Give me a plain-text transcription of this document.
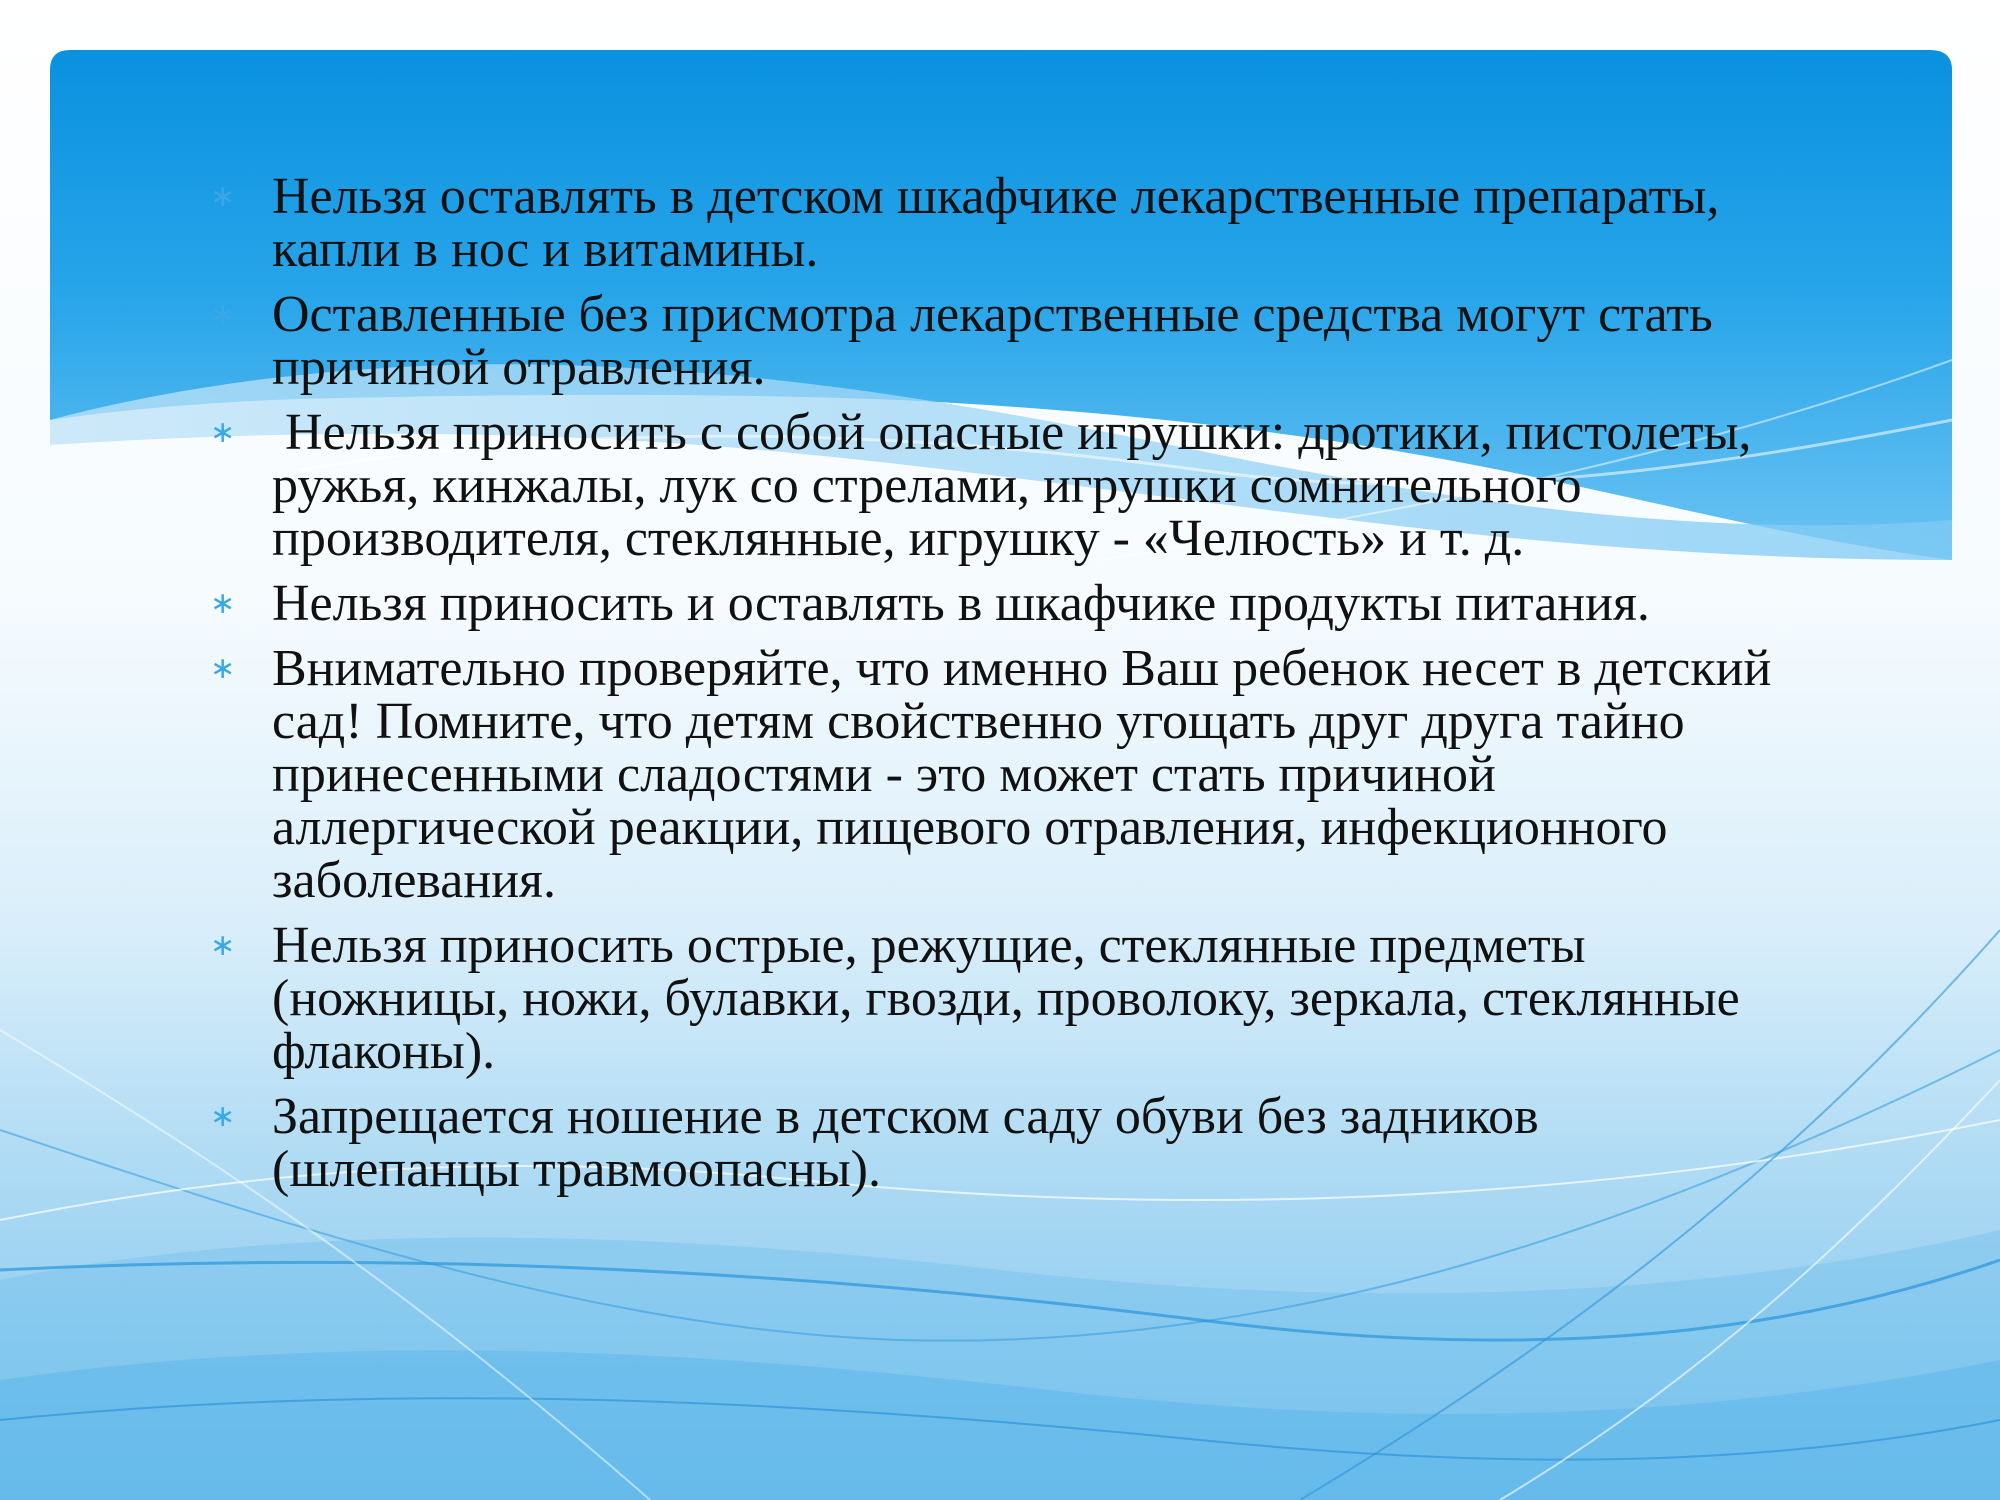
∗ Нельзя оставлять в детском шкафчике лекарственные препараты, капли в нос и витамины.
∗ Оставленные без присмотра лекарственные средства могут стать причиной отравления.
∗ Нельзя приносить с собой опасные игрушки: дротики, пистолеты, ружья, кинжалы, лук со стрелами, игрушки сомнительного производителя, стеклянные, игрушку - «Челюсть» и т. д.
∗ Нельзя приносить и оставлять в шкафчике продукты питания.
∗ Внимательно проверяйте, что именно Ваш ребенок несет в детский сад! Помните, что детям свойственно угощать друг друга тайно принесенными сладостями - это может стать причиной аллергической реакции, пищевого отравления, инфекционного заболевания.
∗ Нельзя приносить острые, режущие, стеклянные предметы (ножницы, ножи, булавки, гвозди, проволоку, зеркала, стеклянные флаконы).
∗ Запрещается ношение в детском саду обуви без задников (шлепанцы травмоопасны).
